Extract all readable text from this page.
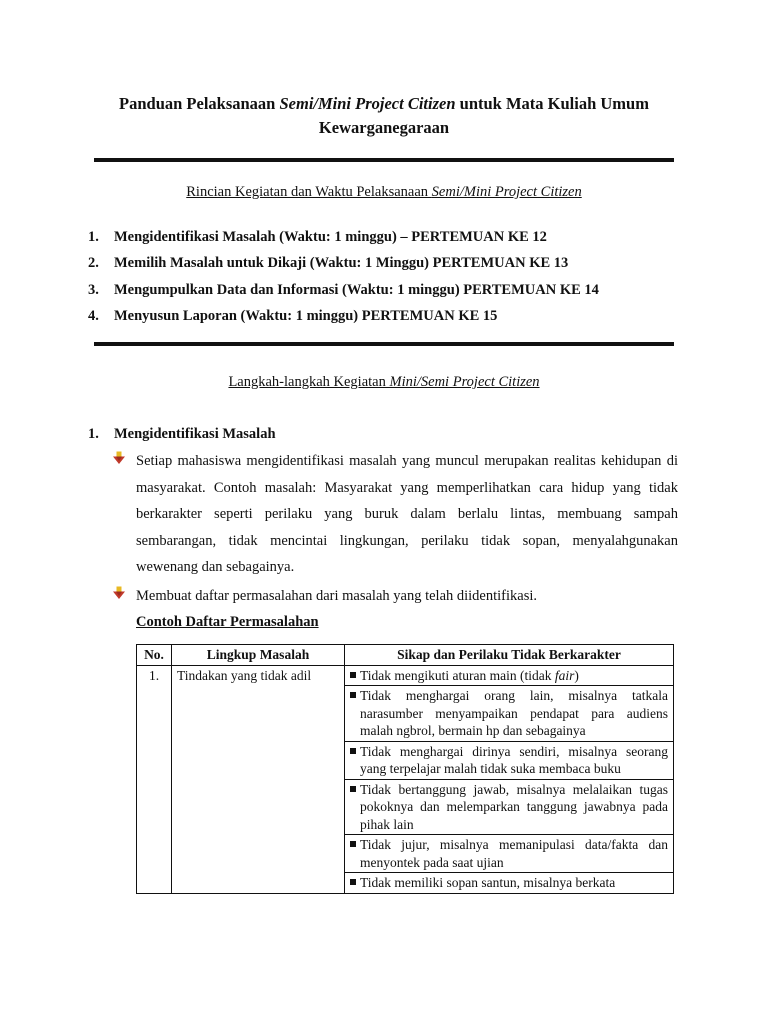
Panduan Pelaksanaan Semi/Mini Project Citizen untuk Mata Kuliah Umum
Kewarganegaraan
Rincian Kegiatan dan Waktu Pelaksanaan Semi/Mini Project Citizen
1.	Mengidentifikasi Masalah (Waktu: 1 minggu) – PERTEMUAN KE 12
2.	Memilih Masalah untuk Dikaji (Waktu: 1 Minggu) PERTEMUAN KE 13
3.	Mengumpulkan Data dan Informasi (Waktu: 1 minggu) PERTEMUAN KE 14
4.	Menyusun Laporan (Waktu: 1 minggu) PERTEMUAN KE 15
Langkah-langkah Kegiatan Mini/Semi Project Citizen
1.	Mengidentifikasi Masalah
Setiap mahasiswa mengidentifikasi masalah yang muncul merupakan realitas kehidupan di masyarakat. Contoh masalah: Masyarakat yang memperlihatkan cara hidup yang tidak berkarakter seperti perilaku yang buruk dalam berlalu lintas, membuang sampah sembarangan, tidak mencintai lingkungan, perilaku tidak sopan, menyalahgunakan wewenang dan sebagainya.
Membuat daftar permasalahan dari masalah yang telah diidentifikasi.
Contoh Daftar Permasalahan
No.	Lingkup Masalah	Sikap dan Perilaku Tidak Berkarakter
1.	Tindakan yang tidak adil	Tidak mengikuti aturan main (tidak fair)

Tidak menghargai orang lain, misalnya tatkala narasumber menyampaikan pendapat para audiens malah ngbrol, bermain hp dan sebagainya

Tidak menghargai dirinya sendiri, misalnya seorang yang terpelajar malah tidak suka membaca buku

Tidak bertanggung jawab, misalnya melalaikan tugas pokoknya dan melemparkan tanggung jawabnya pada pihak lain

Tidak jujur, misalnya memanipulasi data/fakta dan menyontek pada saat ujian

Tidak memiliki sopan santun, misalnya berkata
